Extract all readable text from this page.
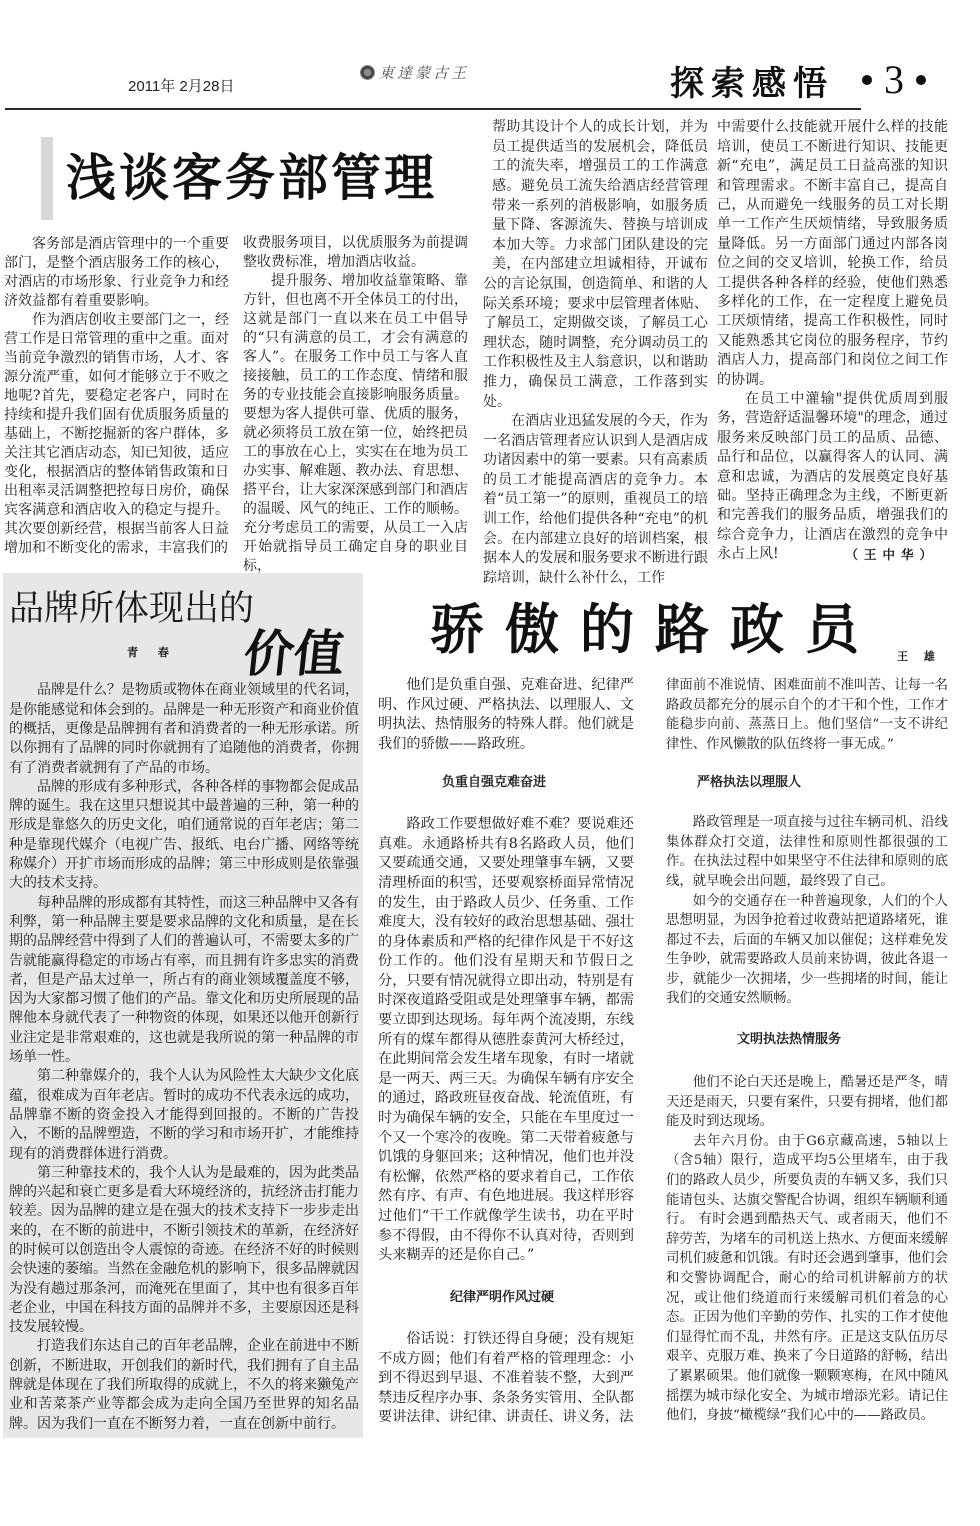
2011年 2月28日
東達蒙古王	探索感悟 3
浅谈客务部管理

客务部是酒店管理中的一个重要部门，是整个酒店服务工作的核心，对酒店的市场形象、行业竞争力和经济效益都有着重要影响。

作为酒店创收主要部门之一，经营工作是日常管理的重中之重。面对当前竞争激烈的销售市场，人才、客源分流严重，如何才能够立于不败之地呢?首先，要稳定老客户，同时在持续和提升我们固有优质服务质量的基础上，不断挖掘新的客户群体，多关注其它酒店动态，知已知彼，适应变化，根据酒店的整体销售政策和日出租率灵活调整把控每日房价，确保宾客满意和酒店收入的稳定与提升。其次要创新经营，根据当前客人日益增加和不断变化的需求，丰富我们的

收费服务项目，以优质服务为前提调整收费标准，增加酒店收益。

提升服务、增加收益靠策略、靠方针，但也离不开全体员工的付出，这就是部门一直以来在员工中倡导的“只有满意的员工，才会有满意的客人”。在服务工作中员工与客人直接接触，员工的工作态度、情绪和服务的专业技能会直接影响服务质量。要想为客人提供可靠、优质的服务，就必须将员工放在第一位，始终把员工的事放在心上，实实在在地为员工办实事、解难题、教办法、育思想、搭平台，让大家深深感到部门和酒店的温暖、风气的纯正、工作的顺畅。充分考虑员工的需要，从员工一入店开始就指导员工确定自身的职业目标，

帮助其设计个人的成长计划，并为员工提供适当的发展机会，降低员工的流失率，增强员工的工作满意感。避免员工流失给酒店经营管理带来一系列的消极影响，如服务质量下降、客源流失、替换与培训成本加大等。力求部门团队建设的完美，在内部建立坦诚相待，开诚布公的言论氛围，创造简单、和谐的人际关系环境；要求中层管理者体贴、了解员工，定期做交谈，了解员工心理状态，随时调整，充分调动员工的工作积极性及主人翁意识，以和谐助推力，确保员工满意，工作落到实处。

在酒店业迅猛发展的今天，作为一名酒店管理者应认识到人是酒店成功诸因素中的第一要素。只有高素质的员工才能提高酒店的竞争力。本着“员工第一”的原则，重视员工的培训工作，给他们提供各种“充电”的机会。在内部建立良好的培训档案，根据本人的发展和服务要求不断进行跟踪培训，缺什么补什么，工作

中需要什么技能就开展什么样的技能培训，使员工不断进行知识、技能更新“充电”，满足员工日益高涨的知识和管理需求。不断丰富自己，提高自己，从而避免一线服务的员工对长期单一工作产生厌烦情绪，导致服务质量降低。另一方面部门通过内部各岗位之间的交叉培训，轮换工作，给员工提供各种各样的经验，使他们熟悉多样化的工作，在一定程度上避免员工厌烦情绪，提高工作积极性，同时又能熟悉其它岗位的服务程序，节约酒店人力，提高部门和岗位之间工作的协调。

在员工中灌输"提供优质周到服务，营造舒适温馨环境"的理念，通过服务来反映部门员工的品质、品德、品行和品位，以赢得客人的认同、满意和忠诚，为酒店的发展奠定良好基础。坚持正确理念为主线，不断更新和完善我们的服务品质，增强我们的综合竞争力，让酒店在激烈的竞争中永占上风!	（王中华）
品牌所体现出的
价值
青 春

品牌是什么？是物质或物体在商业领域里的代名词，是你能感觉和体会到的。品牌是一种无形资产和商业价值的概括，更像是品牌拥有者和消费者的一种无形承诺。所以你拥有了品牌的同时你就拥有了追随他的消费者，你拥有了消费者就拥有了产品的市场。

品牌的形成有多种形式，各种各样的事物都会促成品牌的诞生。我在这里只想说其中最普遍的三种，第一种的形成是靠悠久的历史文化，咱们通常说的百年老店；第二种是靠现代媒介（电视广告、报纸、电台广播、网络等统称媒介）开扩市场而形成的品牌；第三中形成则是依靠强大的技术支持。

每种品牌的形成都有其特性，而这三种品牌中又各有利弊，第一种品牌主要是要求品牌的文化和质量，是在长期的品牌经营中得到了人们的普遍认可，不需要太多的广告就能赢得稳定的市场占有率，而且拥有许多忠实的消费者，但是产品太过单一，所占有的商业领域覆盖度不够，因为大家都习惯了他们的产品。靠文化和历史所展现的品牌他本身就代表了一种物资的体现，如果还以他开创新行业注定是非常艰难的，这也就是我所说的第一种品牌的市场单一性。

第二种靠媒介的，我个人认为风险性太大缺少文化底蕴，很难成为百年老店。暂时的成功不代表永远的成功，品牌靠不断的资金投入才能得到回报的。不断的广告投入，不断的品牌塑造，不断的学习和市场开扩，才能维持现有的消费群体进行消费。

第三种靠技术的，我个人认为是最难的，因为此类品牌的兴起和衰亡更多是看大环境经济的，抗经济击打能力较差。因为品牌的建立是在强大的技术支持下一步步走出来的，在不断的前进中，不断引领技术的革新，在经济好的时候可以创造出令人震惊的奇迹。在经济不好的时候则会快速的萎缩。当然在金融危机的影响下，很多品牌就因为没有趟过那条河，而淹死在里面了，其中也有很多百年老企业，中国在科技方面的品牌并不多，主要原因还是科技发展较慢。

打造我们东达自己的百年老品牌，企业在前进中不断创新，不断进取，开创我们的新时代，我们拥有了自主品牌就是体现在了我们所取得的成就上，不久的将来獭兔产业和苦菜茶产业等都会成为走向全国乃至世界的知名品牌。因为我们一直在不断努力着，一直在创新中前行。

骄傲的路政员 王 雄

他们是负重自强、克难奋进、纪律严明、作风过硬、严格执法、以理服人、文明执法、热情服务的特殊人群。他们就是我们的骄傲——路政班。

负重自强克难奋进

路政工作要想做好难不难？要说难还真难。永通路桥共有8名路政人员，他们又要疏通交通，又要处理肇事车辆，又要清理桥面的积雪，还要观察桥面异常情况的发生，由于路政人员少、任务重、工作难度大，没有较好的政治思想基础、强壮的身体素质和严格的纪律作风是干不好这份工作的。他们没有星期天和节假日之分，只要有情况就得立即出动，特别是有时深夜道路受阻或是处理肇事车辆，都需要立即到达现场。每年两个流凌期，东线所有的煤车都得从德胜泰黄河大桥经过，在此期间常会发生堵车现象，有时一堵就是一两天、两三天。为确保车辆有序安全的通过，路政班昼夜奋战、轮流值班，有时为确保车辆的安全，只能在车里度过一个又一个寒冷的夜晚。第二天带着疲惫与饥饿的身躯回来；这种情况，他们也并没有松懈，依然严格的要求着自己，工作依然有序、有声、有色地进展。我这样形容过他们“干工作就像学生读书，功在平时参不得假，由不得你不认真对待，否则到头来糊弄的还是你自己。”

纪律严明作风过硬

俗话说：打铁还得自身硬；没有规矩不成方圆；他们有着严格的管理理念：小到不得迟到早退、不准着装不整，大到严禁违反程序办事、条条务实管用、全队都要讲法律、讲纪律、讲责任、讲义务，法

律面前不准说情、困难面前不准叫苦、让每一名路政员都充分的展示自个的才干和个性，工作才能稳步向前、蒸蒸日上。他们坚信“一支不讲纪律性、作风懒散的队伍终将一事无成。”

严格执法以理服人

路政管理是一项直接与过往车辆司机、沿线集体群众打交道，法律性和原则性都很强的工作。在执法过程中如果坚守不住法律和原则的底线，就早晚会出问题，最终毁了自己。

如今的交通存在一种普遍现象，人们的个人思想明显，为因争抢着过收费站把道路堵死，谁都过不去，后面的车辆又加以催促；这样难免发生争吵，就需要路政人员前来协调，彼此各退一步，就能少一次拥堵，少一些拥堵的时间，能让我们的交通安然顺畅。

文明执法热情服务

他们不论白天还是晚上，酷暑还是严冬，晴天还是雨天，只要有案件，只要有拥堵，他们都能及时到达现场。

去年六月份。由于G6京藏高速，5轴以上（含5轴）限行，造成平均5公里堵车，由于我们的路政人员少，所要负责的车辆又多，我们只能请包头、达旗交警配合协调，组织车辆顺利通行。 有时会遇到酷热天气、或者雨天，他们不辞劳苦，为堵车的司机送上热水、方便面来缓解司机们疲惫和饥饿。有时还会遇到肇事，他们会和交警协调配合，耐心的给司机讲解前方的状况，或让他们绕道而行来缓解司机们着急的心态。正因为他们辛勤的劳作、扎实的工作才使他们显得忙而不乱，井然有序。正是这支队伍历尽艰辛、克服万难、换来了今日道路的舒畅，结出了累累硕果。他们就像一颗颗寒梅，在风中随风摇摆为城市绿化安全、为城市增添光彩。请记住他们，身披“橄榄绿”我们心中的——路政员。
